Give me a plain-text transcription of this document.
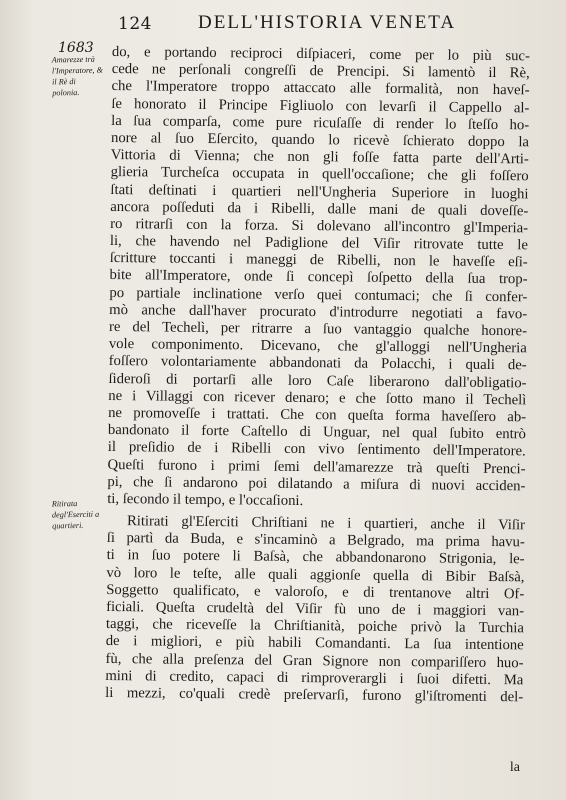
124 DELL'HISTORIA VENETA
1683
Amarezze trà l'Imperatore, & il Rè di polonia.
Ritirata degl'Eserciti a quartieri.
do, e portando reciproci diſpiaceri, come per lo più suc-
cede ne perſonali congreſſi de Prencipi. Si lamentò il Rè,
che l'Imperatore troppo attaccato alle formalità, non haveſ-
ſe honorato il Principe Figliuolo con levarſi il Cappello al-
la ſua comparſa, come pure ricuſaſſe di render lo ſteſſo ho-
nore al ſuo Eſercito, quando lo ricevè ſchierato doppo la
Vittoria di Vienna; che non gli foſſe fatta parte dell'Arti-
glieria Turcheſca occupata in quell'occaſione; che gli foſſero
ſtati deſtinati i quartieri nell'Ungheria Superiore in luoghi
ancora poſſeduti da i Ribelli, dalle mani de quali doveſſe-
ro ritrarſi con la forza. Si dolevano all'incontro gl'Imperia-
li, che havendo nel Padiglione del Viſir ritrovate tutte le
ſcritture toccanti i maneggi de Ribelli, non le haveſſe eſi-
bite all'Imperatore, onde ſi concepì ſoſpetto della ſua trop-
po partiale inclinatione verſo quei contumaci; che ſi confer-
mò anche dall'haver procurato d'introdurre negotiati a favo-
re del Techelì, per ritrarre a ſuo vantaggio qualche honore-
vole componimento. Dicevano, che gl'alloggi nell'Ungheria
foſſero volontariamente abbandonati da Polacchi, i quali de-
ſideroſi di portarſi alle loro Caſe liberarono dall'obligatio-
ne i Villaggi con ricever denaro; e che ſotto mano il Techelì
ne promoveſſe i trattati. Che con queſta forma haveſſero ab-
bandonato il forte Caſtello di Unguar, nel qual ſubito entrò
il preſidio de i Ribelli con vivo ſentimento dell'Imperatore.
Queſti furono i primi ſemi dell'amarezze trà queſti Prenci-
pi, che ſi andarono poi dilatando a miſura di nuovi acciden-
ti, ſecondo il tempo, e l'occaſioni.
Ritirati gl'Eſerciti Chriſtiani ne i quartieri, anche il Viſir
ſi partì da Buda, e s'incaminò a Belgrado, ma prima havu-
ti in ſuo potere li Baſsà, che abbandonarono Strigonia, le-
vò loro le teſte, alle quali aggionſe quella di Bibir Baſsà,
Soggetto qualificato, e valoroſo, e di trentanove altri Of-
ficiali. Queſta crudeltà del Viſir fù uno de i maggiori van-
taggi, che riceveſſe la Chriſtianità, poiche privò la Turchia
de i migliori, e più habili Comandanti. La ſua intentione
fù, che alla preſenza del Gran Signore non compariſſero huo-
mini di credito, capaci di rimproverargli i ſuoi difetti. Ma
li mezzi, co'quali credè preſervarſi, furono gl'iſtromenti del-
la
